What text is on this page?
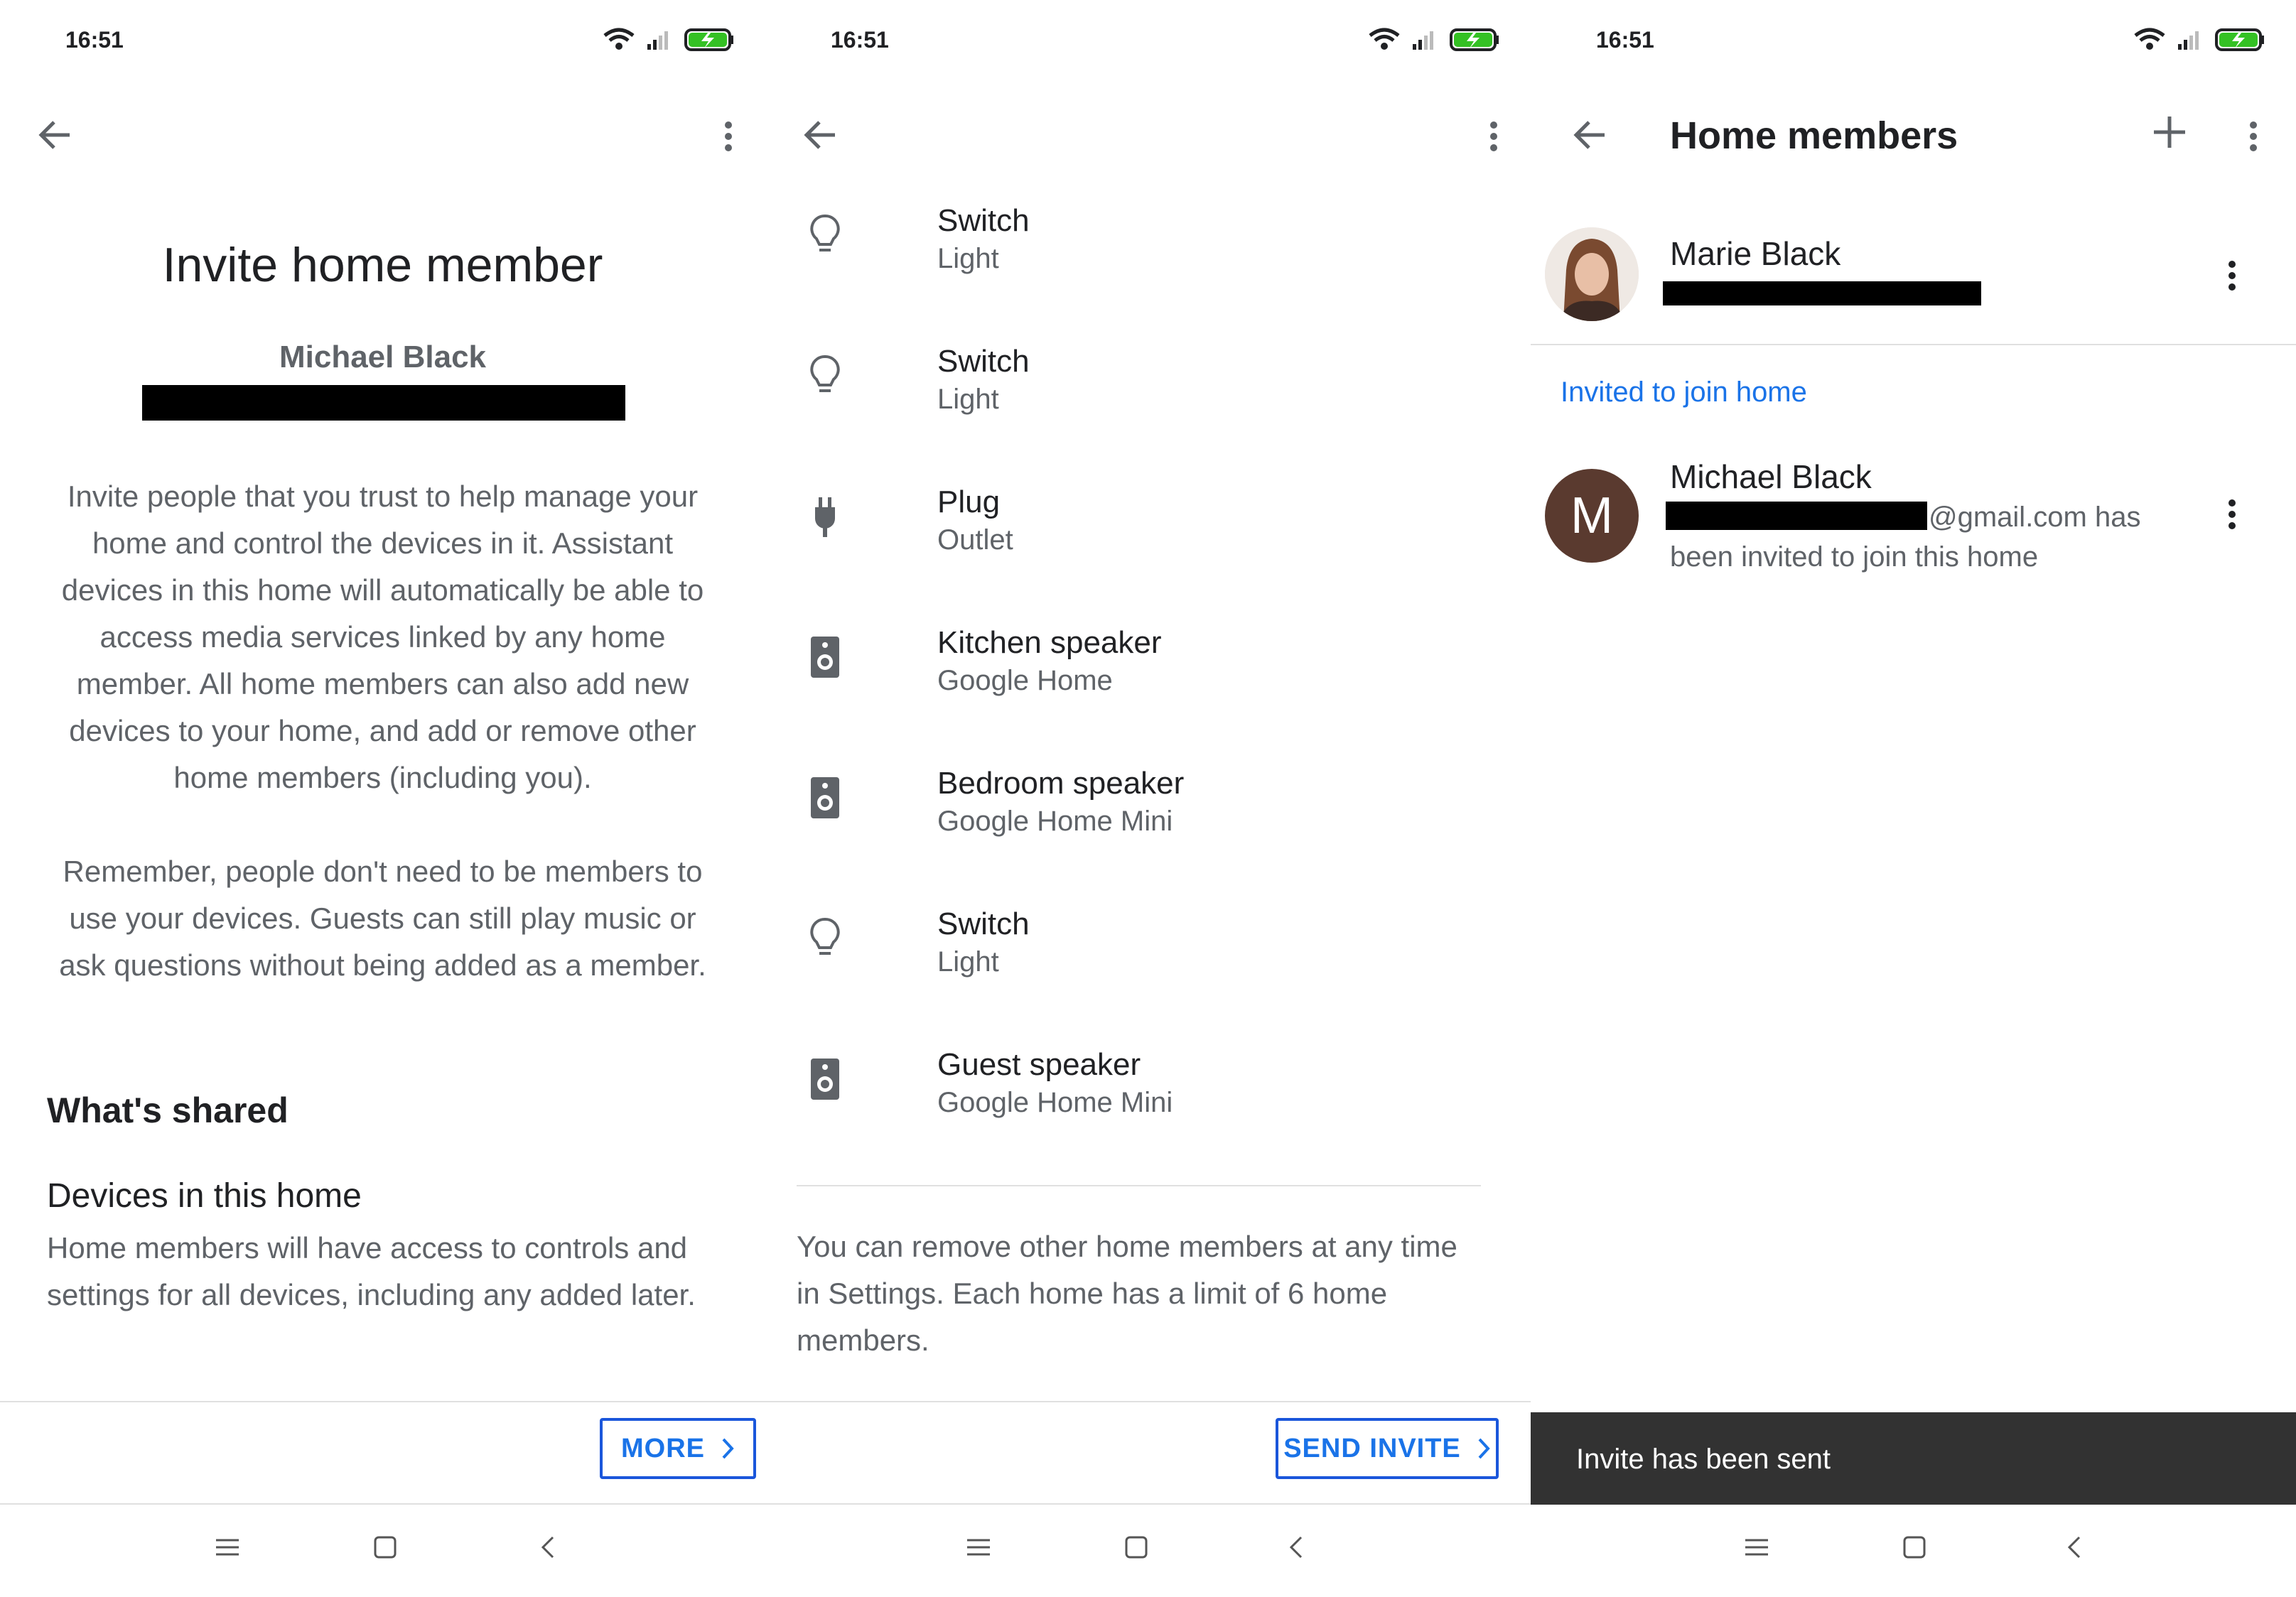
16:51
Invite home member
Michael Black
Invite people that you trust to help manage your home and control the devices in it. Assistant devices in this home will automatically be able to access media services linked by any home member. All home members can also add new devices to your home, and add or remove other home members (including you).
Remember, people don't need to be members to use your devices. Guests can still play music or ask questions without being added as a member.
What's shared
Devices in this home
Home members will have access to controls and settings for all devices, including any added later.
MORE
16:51
Switch
Light
Switch
Light
Plug
Outlet
Kitchen speaker
Google Home
Bedroom speaker
Google Home Mini
Switch
Light
Guest speaker
Google Home Mini
You can remove other home members at any time in Settings. Each home has a limit of 6 home members.
SEND INVITE
16:51
Home members
Marie Black
Invited to join home
M
Michael Black
@gmail.com has
been invited to join this home
Invite has been sent
